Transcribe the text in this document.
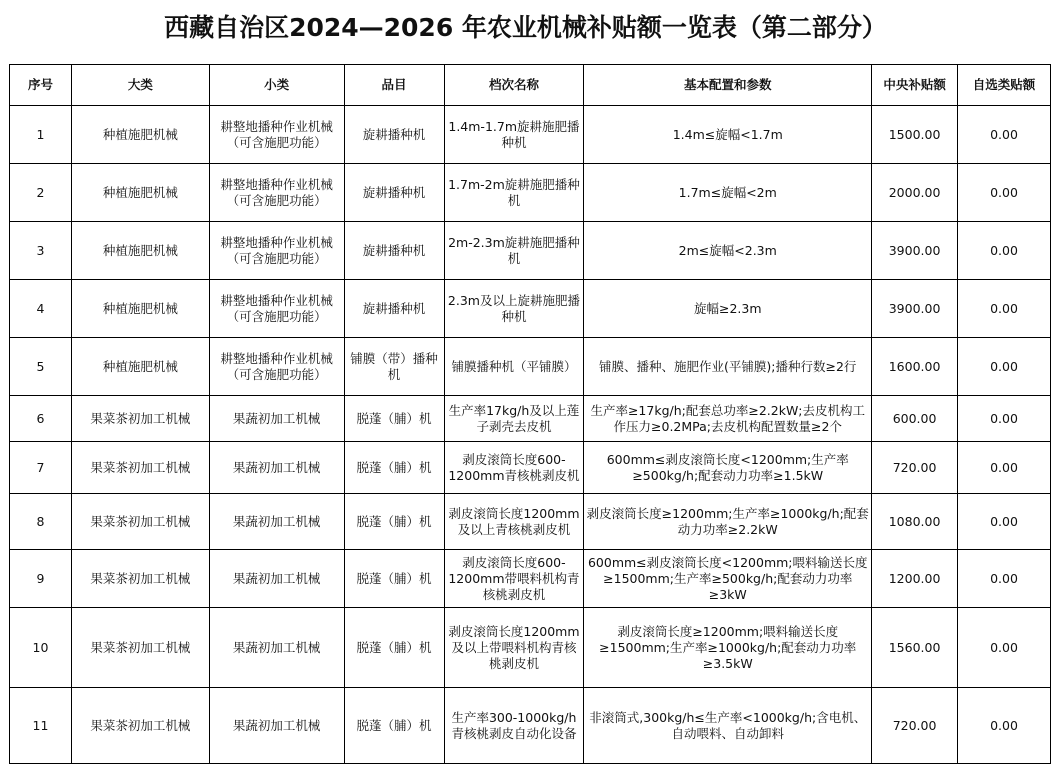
西藏自治区2024—2026 年农业机械补贴额一览表（第二部分）
序号	大类	小类	品目	档次名称	基本配置和参数	中央补贴额	自选类贴额
1	种植施肥机械	耕整地播种作业机械（可含施肥功能）	旋耕播种机	1.4m-1.7m旋耕施肥播种机	1.4m≤旋幅<1.7m	1500.00	0.00
2	种植施肥机械	耕整地播种作业机械（可含施肥功能）	旋耕播种机	1.7m-2m旋耕施肥播种机	1.7m≤旋幅<2m	2000.00	0.00
3	种植施肥机械	耕整地播种作业机械（可含施肥功能）	旋耕播种机	2m-2.3m旋耕施肥播种机	2m≤旋幅<2.3m	3900.00	0.00
4	种植施肥机械	耕整地播种作业机械（可含施肥功能）	旋耕播种机	2.3m及以上旋耕施肥播种机	旋幅≥2.3m	3900.00	0.00
5	种植施肥机械	耕整地播种作业机械（可含施肥功能）	铺膜（带）播种机	铺膜播种机（平铺膜）	铺膜、播种、施肥作业(平铺膜);播种行数≥2行	1600.00	0.00
6	果菜茶初加工机械	果蔬初加工机械	脱蓬（脯）机	生产率17kg/h及以上莲子剥壳去皮机	生产率≥17kg/h;配套总功率≥2.2kW;去皮机构工作压力≥0.2MPa;去皮机构配置数量≥2个	600.00	0.00
7	果菜茶初加工机械	果蔬初加工机械	脱蓬（脯）机	剥皮滚筒长度600-1200mm青核桃剥皮机	600mm≤剥皮滚筒长度<1200mm;生产率≥500kg/h;配套动力功率≥1.5kW	720.00	0.00
8	果菜茶初加工机械	果蔬初加工机械	脱蓬（脯）机	剥皮滚筒长度1200mm及以上青核桃剥皮机	剥皮滚筒长度≥1200mm;生产率≥1000kg/h;配套动力功率≥2.2kW	1080.00	0.00
9	果菜茶初加工机械	果蔬初加工机械	脱蓬（脯）机	剥皮滚筒长度600-1200mm带喂料机构青核桃剥皮机	600mm≤剥皮滚筒长度<1200mm;喂料输送长度≥1500mm;生产率≥500kg/h;配套动力功率≥3kW	1200.00	0.00
10	果菜茶初加工机械	果蔬初加工机械	脱蓬（脯）机	剥皮滚筒长度1200mm及以上带喂料机构青核桃剥皮机	剥皮滚筒长度≥1200mm;喂料输送长度≥1500mm;生产率≥1000kg/h;配套动力功率≥3.5kW	1560.00	0.00
11	果菜茶初加工机械	果蔬初加工机械	脱蓬（脯）机	生产率300-1000kg/h青核桃剥皮自动化设备	非滚筒式,300kg/h≤生产率<1000kg/h;含电机、自动喂料、自动卸料	720.00	0.00
